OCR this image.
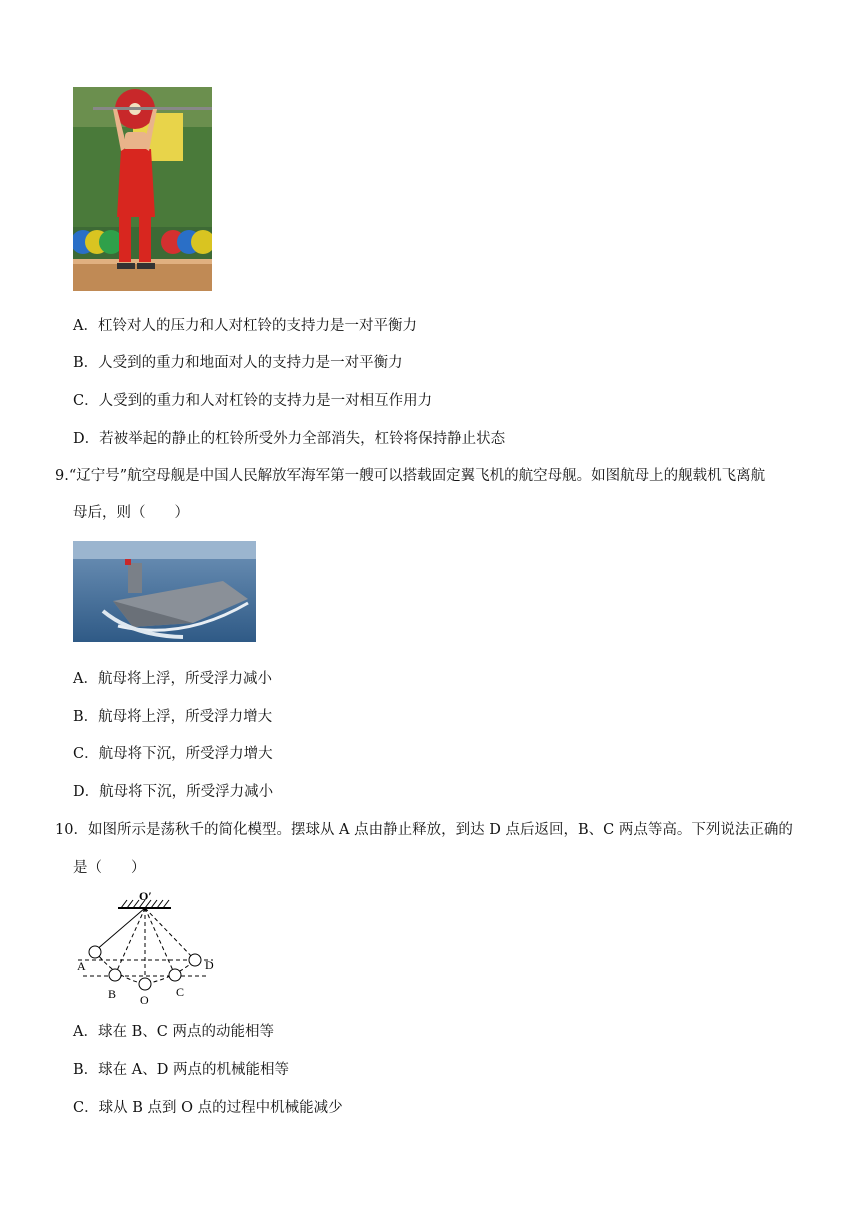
A．杠铃对人的压力和人对杠铃的支持力是一对平衡力
B．人受到的重力和地面对人的支持力是一对平衡力
C．人受到的重力和人对杠铃的支持力是一对相互作用力
D．若被举起的静止的杠铃所受外力全部消失，杠铃将保持静止状态
9.“辽宁号”航空母舰是中国人民解放军海军第一艘可以搭载固定翼飞机的航空母舰。如图航母上的舰载机飞离航
母后，则（　　）
A．航母将上浮，所受浮力减小
B．航母将上浮，所受浮力增大
C．航母将下沉，所受浮力增大
D．航母将下沉，所受浮力减小
10．如图所示是荡秋千的简化模型。摆球从 A 点由静止释放，到达 D 点后返回，B、C 两点等高。下列说法正确的
是（　　）
O′
A
B O
C
D
A．球在 B、C 两点的动能相等
B．球在 A、D 两点的机械能相等
C．球从 B 点到 O 点的过程中机械能减少
